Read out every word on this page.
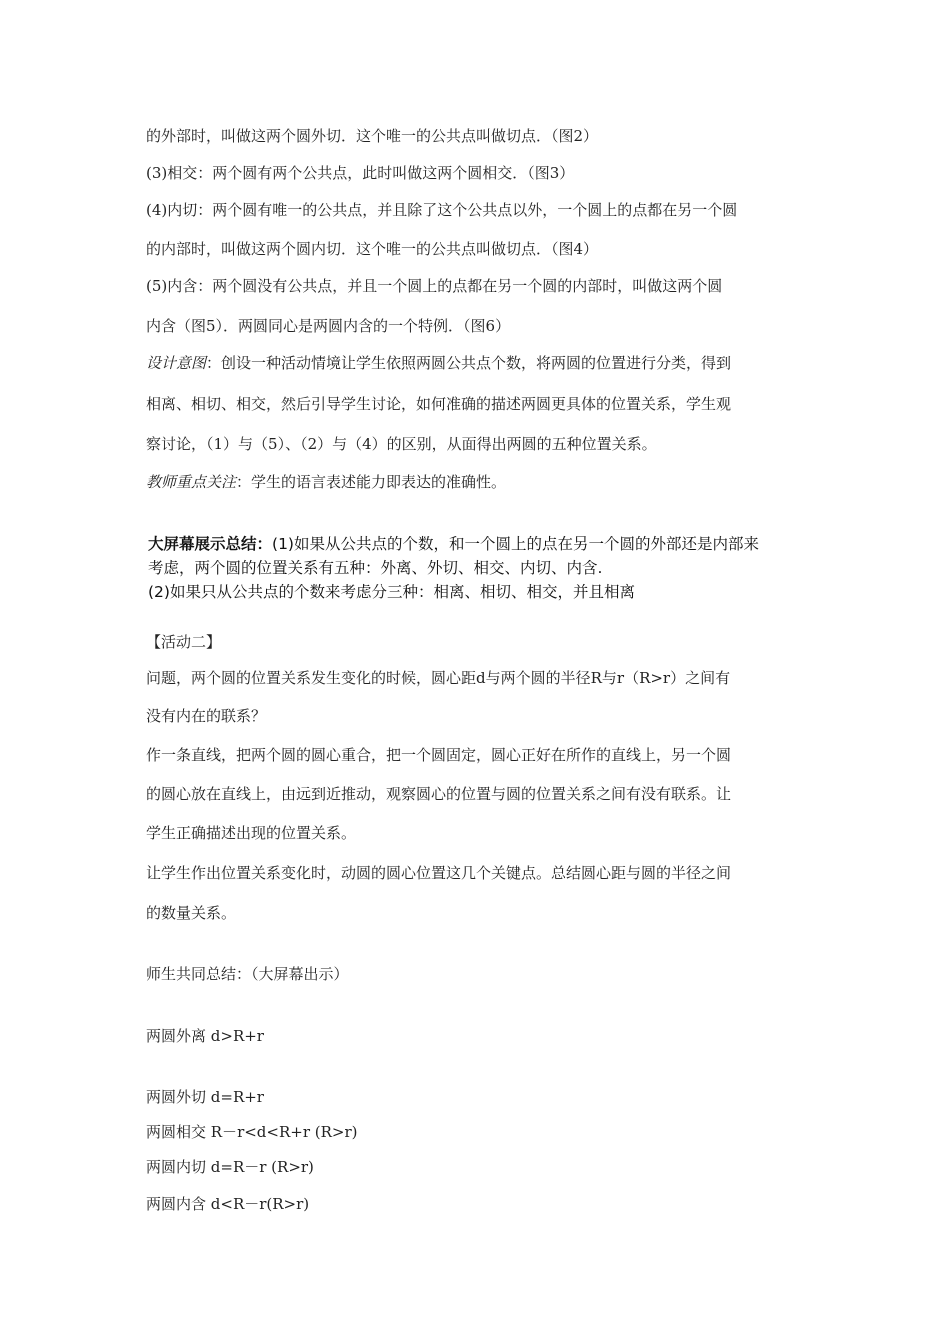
的外部时，叫做这两个圆外切．这个唯一的公共点叫做切点．（图2）
(3)相交：两个圆有两个公共点，此时叫做这两个圆相交．（图3）
(4)内切：两个圆有唯一的公共点，并且除了这个公共点以外，一个圆上的点都在另一个圆
的内部时，叫做这两个圆内切．这个唯一的公共点叫做切点．（图4）
(5)内含：两个圆没有公共点，并且一个圆上的点都在另一个圆的内部时，叫做这两个圆
内含（图5）．两圆同心是两圆内含的一个特例．（图6）
设计意图：创设一种活动情境让学生依照两圆公共点个数，将两圆的位置进行分类，得到
相离、相切、相交，然后引导学生讨论，如何准确的描述两圆更具体的位置关系，学生观
察讨论，（1）与（5）、（2）与（4）的区别，从面得出两圆的五种位置关系。
教师重点关注：学生的语言表述能力即表达的准确性。
大屏幕展示总结：(1)如果从公共点的个数，和一个圆上的点在另一个圆的外部还是内部来
考虑，两个圆的位置关系有五种：外离、外切、相交、内切、内含.
(2)如果只从公共点的个数来考虑分三种：相离、相切、相交，并且相离
【活动二】
问题，两个圆的位置关系发生变化的时候，圆心距d与两个圆的半径R与r（R>r）之间有
没有内在的联系？
作一条直线，把两个圆的圆心重合，把一个圆固定，圆心正好在所作的直线上，另一个圆
的圆心放在直线上，由远到近推动，观察圆心的位置与圆的位置关系之间有没有联系。让
学生正确描述出现的位置关系。
让学生作出位置关系变化时，动圆的圆心位置这几个关键点。总结圆心距与圆的半径之间
的数量关系。
师生共同总结：（大屏幕出示）
两圆外离 d>R+r
两圆外切 d=R+r
两圆相交 R－r<d<R+r (R>r)
两圆内切 d=R－r (R>r)
两圆内含 d<R－r(R>r)
